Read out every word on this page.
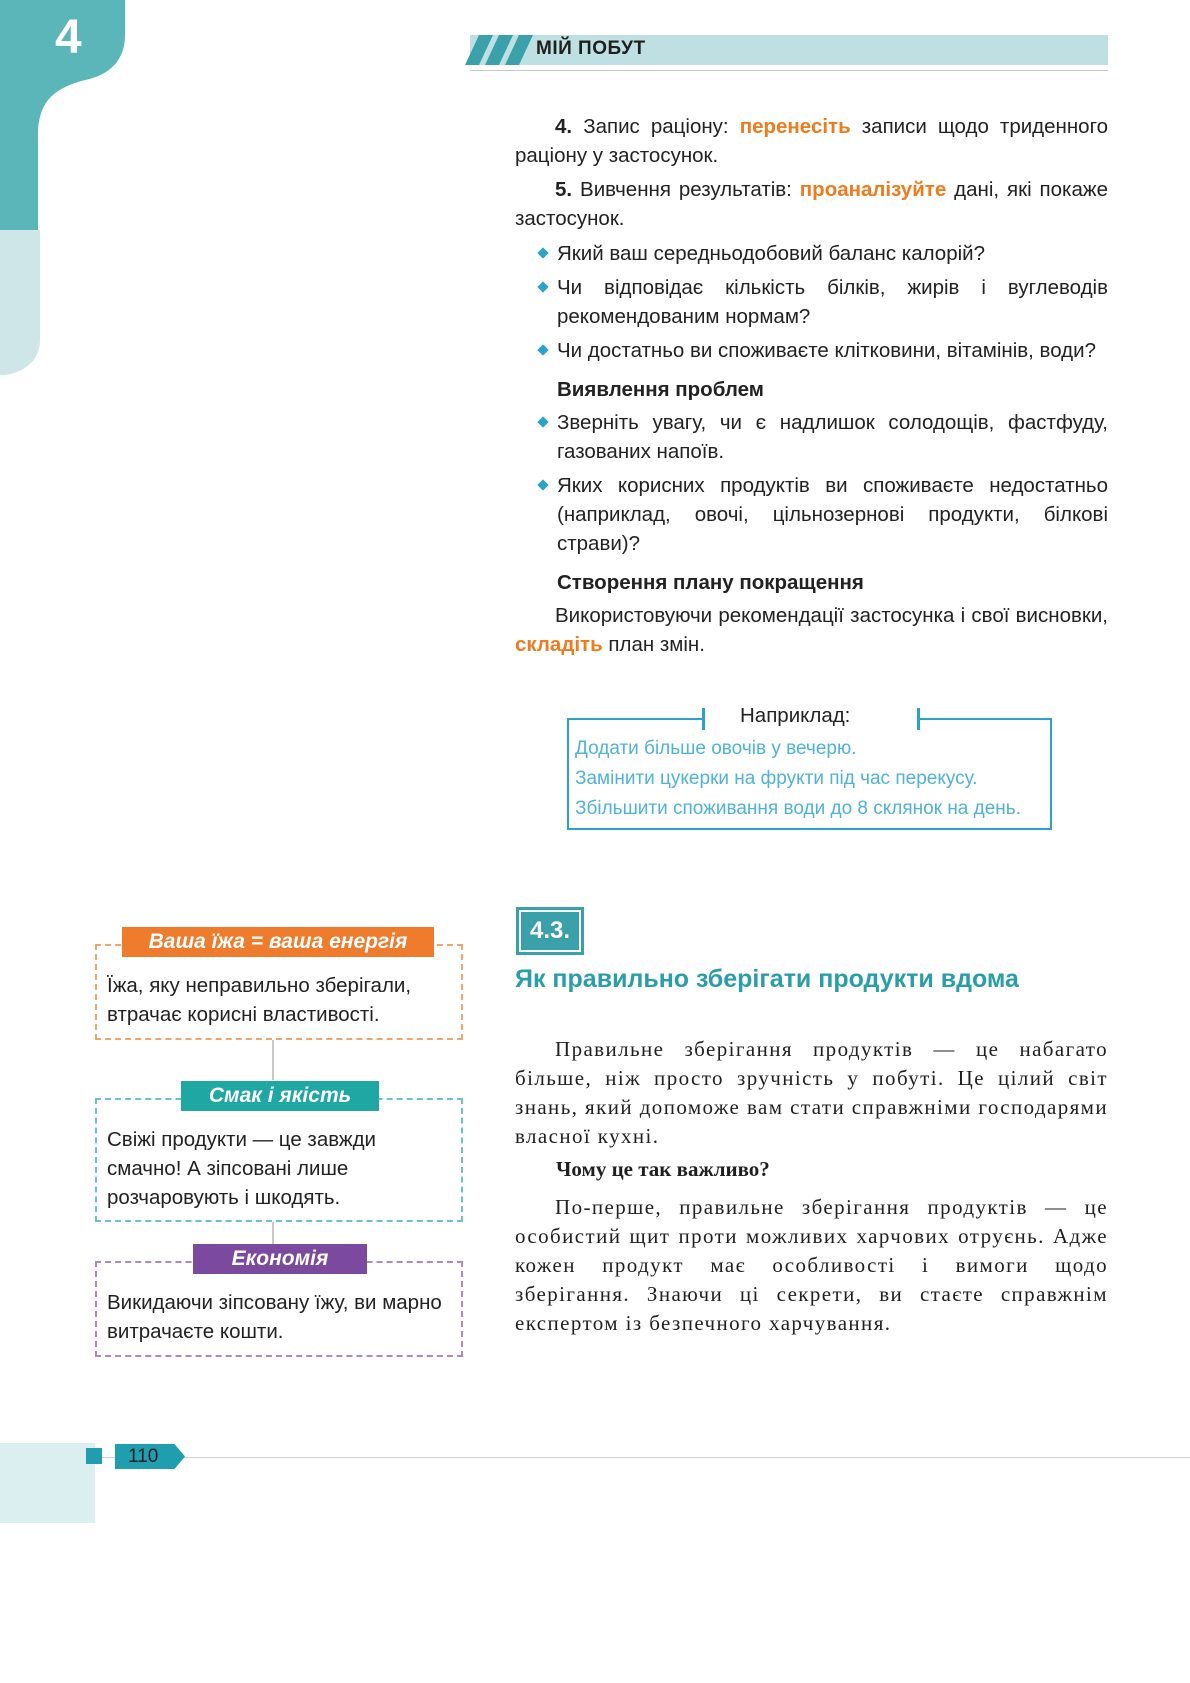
4	МІЙ ПОБУТ

4. Запис раціону: перенесіть записи щодо триденного раціону у застосунок.

5. Вивчення результатів: проаналізуйте дані, які покаже застосунок.

Який ваш середньодобовий баланс калорій?
Чи відповідає кількість білків, жирів і вуглеводів рекомендованим нормам?
Чи достатньо ви споживаєте клітковини, вітамінів, води?
Виявлення проблем
Зверніть увагу, чи є надлишок солодощів, фастфуду, газованих напоїв.
Яких корисних продуктів ви споживаєте недостатньо (наприклад, овочі, цільнозернові продукти, білкові страви)?
Створення плану покращення

Використовуючи рекомендації застосунка і свої висновки, складіть план змін.

Наприклад:
Додати більше овочів у вечерю.
Замінити цукерки на фрукти під час перекусу.
Збільшити споживання води до 8 склянок на день.
4.3.
Як правильно зберігати продукти вдома

Правильне зберігання продуктів — це набагато більше, ніж просто зручність у побуті. Це цілий світ знань, який допоможе вам стати справжніми господарями власної кухні.

Чому це так важливо?

По-перше, правильне зберігання продуктів — це особистий щит проти можливих харчових отруєнь. Адже кожен продукт має особливості і вимоги щодо зберігання. Знаючи ці секрети, ви стаєте справжнім експертом із безпечного харчування.

Ваша їжа = ваша енергія
Їжа, яку неправильно зберігали, втрачає корисні властивості.
Смак і якість
Свіжі продукти — це завжди смачно! А зіпсовані лише розчаровують і шкодять.
Економія
Викидаючи зіпсовану їжу, ви марно витрачаєте кошти.
110
